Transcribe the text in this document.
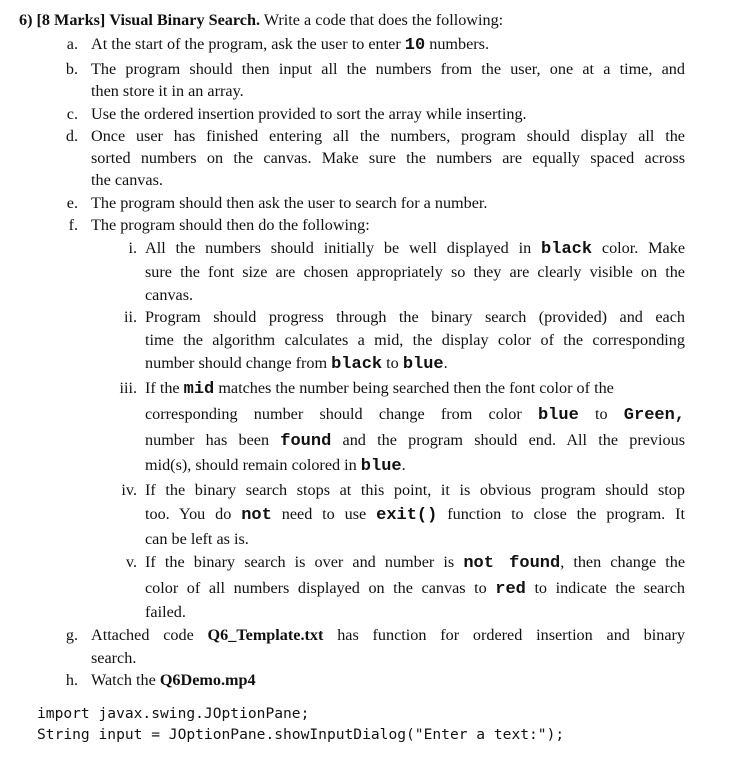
6) [8 Marks] Visual Binary Search. Write a code that does the following:
a. At the start of the program, ask the user to enter 10 numbers.
b. The program should then input all the numbers from the user, one at a time, and
then store it in an array.
c. Use the ordered insertion provided to sort the array while inserting.
d. Once user has finished entering all the numbers, program should display all the
sorted numbers on the canvas. Make sure the numbers are equally spaced across
the canvas.
e. The program should then ask the user to search for a number.
f. The program should then do the following:
i. All the numbers should initially be well displayed in black color. Make
sure the font size are chosen appropriately so they are clearly visible on the
canvas.
ii. Program should progress through the binary search (provided) and each
time the algorithm calculates a mid, the display color of the corresponding
number should change from black to blue.
iii. If the mid matches the number being searched then the font color of the
corresponding number should change from color blue to Green,
number has been found and the program should end. All the previous
mid(s), should remain colored in blue.
iv. If the binary search stops at this point, it is obvious program should stop
too. You do not need to use exit() function to close the program. It
can be left as is.
v. If the binary search is over and number is not found, then change the
color of all numbers displayed on the canvas to red to indicate the search
failed.
g. Attached code Q6_Template.txt has function for ordered insertion and binary
search.
h. Watch the Q6Demo.mp4
import javax.swing.JOptionPane;
String input = JOptionPane.showInputDialog("Enter a text:");
